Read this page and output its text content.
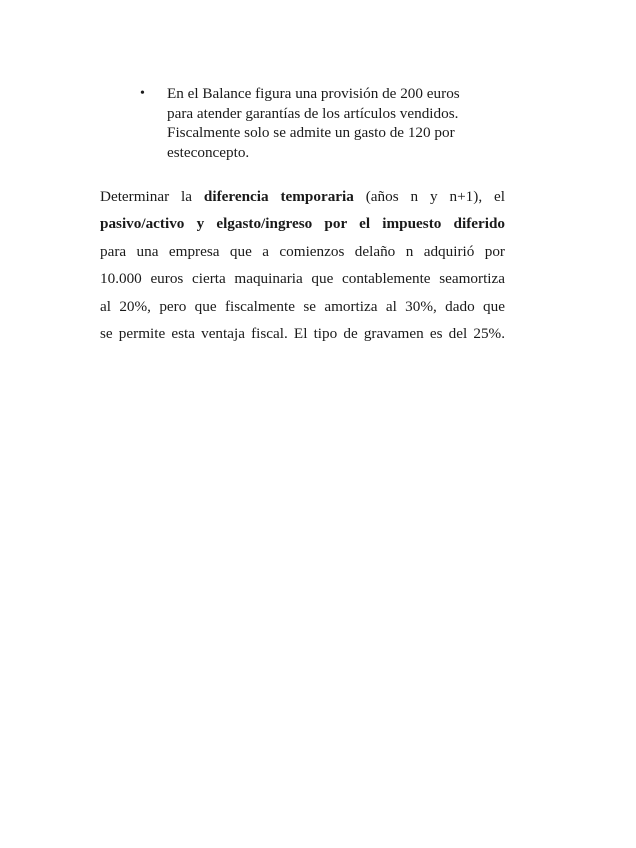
•	En el Balance figura una provisión de 200 euros
para atender garantías de los artículos vendidos.
Fiscalmente solo se admite un gasto de 120 por
esteconcepto.
Determinar la diferencia temporaria (años n y n+1), el
pasivo/activo y elgasto/ingreso por el impuesto diferido
para una empresa que a comienzos delaño n adquirió por
10.000 euros cierta maquinaria que contablemente seamortiza
al 20%, pero que fiscalmente se amortiza al 30%, dado que
se permite esta ventaja fiscal. El tipo de gravamen es del 25%.
